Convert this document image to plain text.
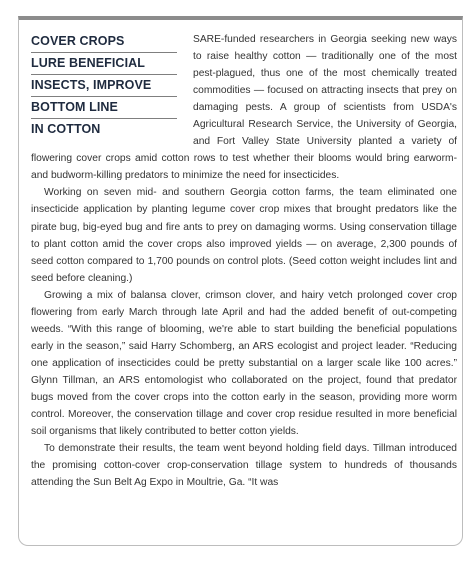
COVER CROPS
LURE BENEFICIAL
INSECTS, IMPROVE
BOTTOM LINE
IN COTTON

SARE-funded researchers in Georgia seeking new ways to raise healthy cotton — traditionally one of the most pest-plagued, thus one of the most chemically treated commodities — focused on attracting insects that prey on damaging pests. A group of scientists from USDA's Agricultural Research Service, the University of Georgia, and Fort Valley State University planted a variety of flowering cover crops amid cotton rows to test whether their blooms would bring earworm- and budworm-killing predators to minimize the need for insecticides.

Working on seven mid- and southern Georgia cotton farms, the team eliminated one insecticide application by planting legume cover crop mixes that brought predators like the pirate bug, big-eyed bug and fire ants to prey on damaging worms. Using conservation tillage to plant cotton amid the cover crops also improved yields — on average, 2,300 pounds of seed cotton compared to 1,700 pounds on control plots. (Seed cotton weight includes lint and seed before cleaning.)

Growing a mix of balansa clover, crimson clover, and hairy vetch prolonged cover crop flowering from early March through late April and had the added benefit of out-competing weeds. “With this range of blooming, we're able to start building the beneficial populations early in the season,” said Harry Schomberg, an ARS ecologist and project leader. “Reducing one application of insecticides could be pretty substantial on a larger scale like 100 acres.” Glynn Tillman, an ARS entomologist who collaborated on the project, found that predator bugs moved from the cover crops into the cotton early in the season, providing more worm control. Moreover, the conservation tillage and cover crop residue resulted in more beneficial soil organisms that likely contributed to better cotton yields.

To demonstrate their results, the team went beyond holding field days. Tillman introduced the promising cotton-cover crop-conservation tillage system to hundreds of thousands attending the Sun Belt Ag Expo in Moultrie, Ga. “It was
